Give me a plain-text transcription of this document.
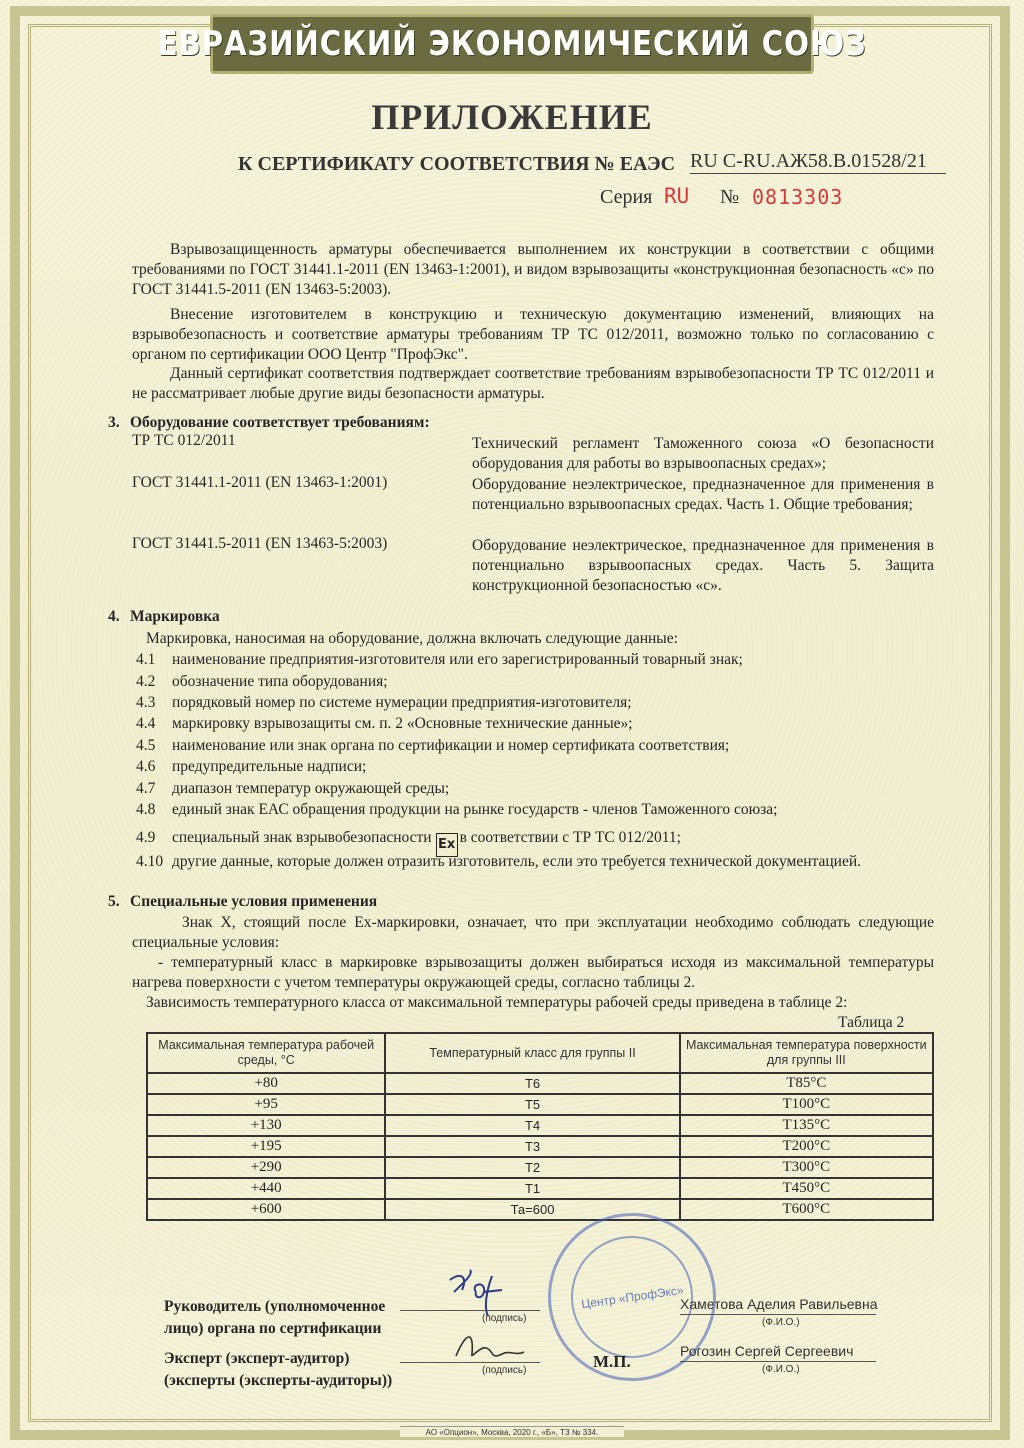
ЕВРАЗИЙСКИЙ ЭКОНОМИЧЕСКИЙ СОЮЗ
ПРИЛОЖЕНИЕ
К СЕРТИФИКАТУ СООТВЕТСТВИЯ № ЕАЭС RU С-RU.АЖ58.В.01528/21
Серия RU № 0813303
Взрывозащищенность арматуры обеспечивается выполнением их конструкции в соответствии с общими требованиями по ГОСТ 31441.1-2011 (EN 13463-1:2001), и видом взрывозащиты «конструкционная безопасность «с» по ГОСТ 31441.5-2011 (EN 13463-5:2003).
Внесение изготовителем в конструкцию и техническую документацию изменений, влияющих на взрывобезопасность и соответствие арматуры требованиям ТР ТС 012/2011, возможно только по согласованию с органом по сертификации ООО Центр "ПрофЭкс".
Данный сертификат соответствия подтверждает соответствие требованиям взрывобезопасности ТР ТС 012/2011 и не рассматривает любые другие виды безопасности арматуры.
3. Оборудование соответствует требованиям:
ТР ТС 012/2011	Технический регламент Таможенного союза «О безопасности оборудования для работы во взрывоопасных средах»;
ГОСТ 31441.1-2011 (EN 13463-1:2001)	Оборудование неэлектрическое, предназначенное для применения в потенциально взрывоопасных средах. Часть 1. Общие требования;
ГОСТ 31441.5-2011 (EN 13463-5:2003)	Оборудование неэлектрическое, предназначенное для применения в потенциально взрывоопасных средах. Часть 5. Защита конструкционной безопасностью «с».
4. Маркировка
Маркировка, наносимая на оборудование, должна включать следующие данные:
4.1 наименование предприятия-изготовителя или его зарегистрированный товарный знак;
4.2 обозначение типа оборудования;
4.3 порядковый номер по системе нумерации предприятия-изготовителя;
4.4 маркировку взрывозащиты см. п. 2 «Основные технические данные»;
4.5 наименование или знак органа по сертификации и номер сертификата соответствия;
4.6 предупредительные надписи;
4.7 диапазон температур окружающей среды;
4.8 единый знак ЕАС обращения продукции на рынке государств - членов Таможенного союза;
4.9 специальный знак взрывобезопасности Ex в соответствии с ТР ТС 012/2011;
4.10 другие данные, которые должен отразить изготовитель, если это требуется технической документацией.
5. Специальные условия применения
Знак Х, стоящий после Ех-маркировки, означает, что при эксплуатации необходимо соблюдать следующие специальные условия:
- температурный класс в маркировке взрывозащиты должен выбираться исходя из максимальной температуры нагрева поверхности с учетом температуры окружающей среды, согласно таблицы 2.
Зависимость температурного класса от максимальной температуры рабочей среды приведена в таблице 2:
Таблица 2
Максимальная температура рабочей среды, °С	Температурный класс для группы II	Максимальная температура поверхности для группы III
+80	Т6	Т85°С
+95	Т5	Т100°С
+130	Т4	Т135°С
+195	Т3	Т200°С
+290	Т2	Т300°С
+440	Т1	Т450°С
+600	Та=600	Т600°С
Центр «ПрофЭкс»
Руководитель (уполномоченное лицо) органа по сертификации
Эксперт (эксперт-аудитор) (эксперты (эксперты-аудиторы))
(подпись)
(подпись)
Хаметова Аделия Равильевна
(Ф.И.О.)
Рогозин Сергей Сергеевич
(Ф.И.О.)
М.П.
АО «Опцион», Москва, 2020 г., «Б», ТЗ № 334.
